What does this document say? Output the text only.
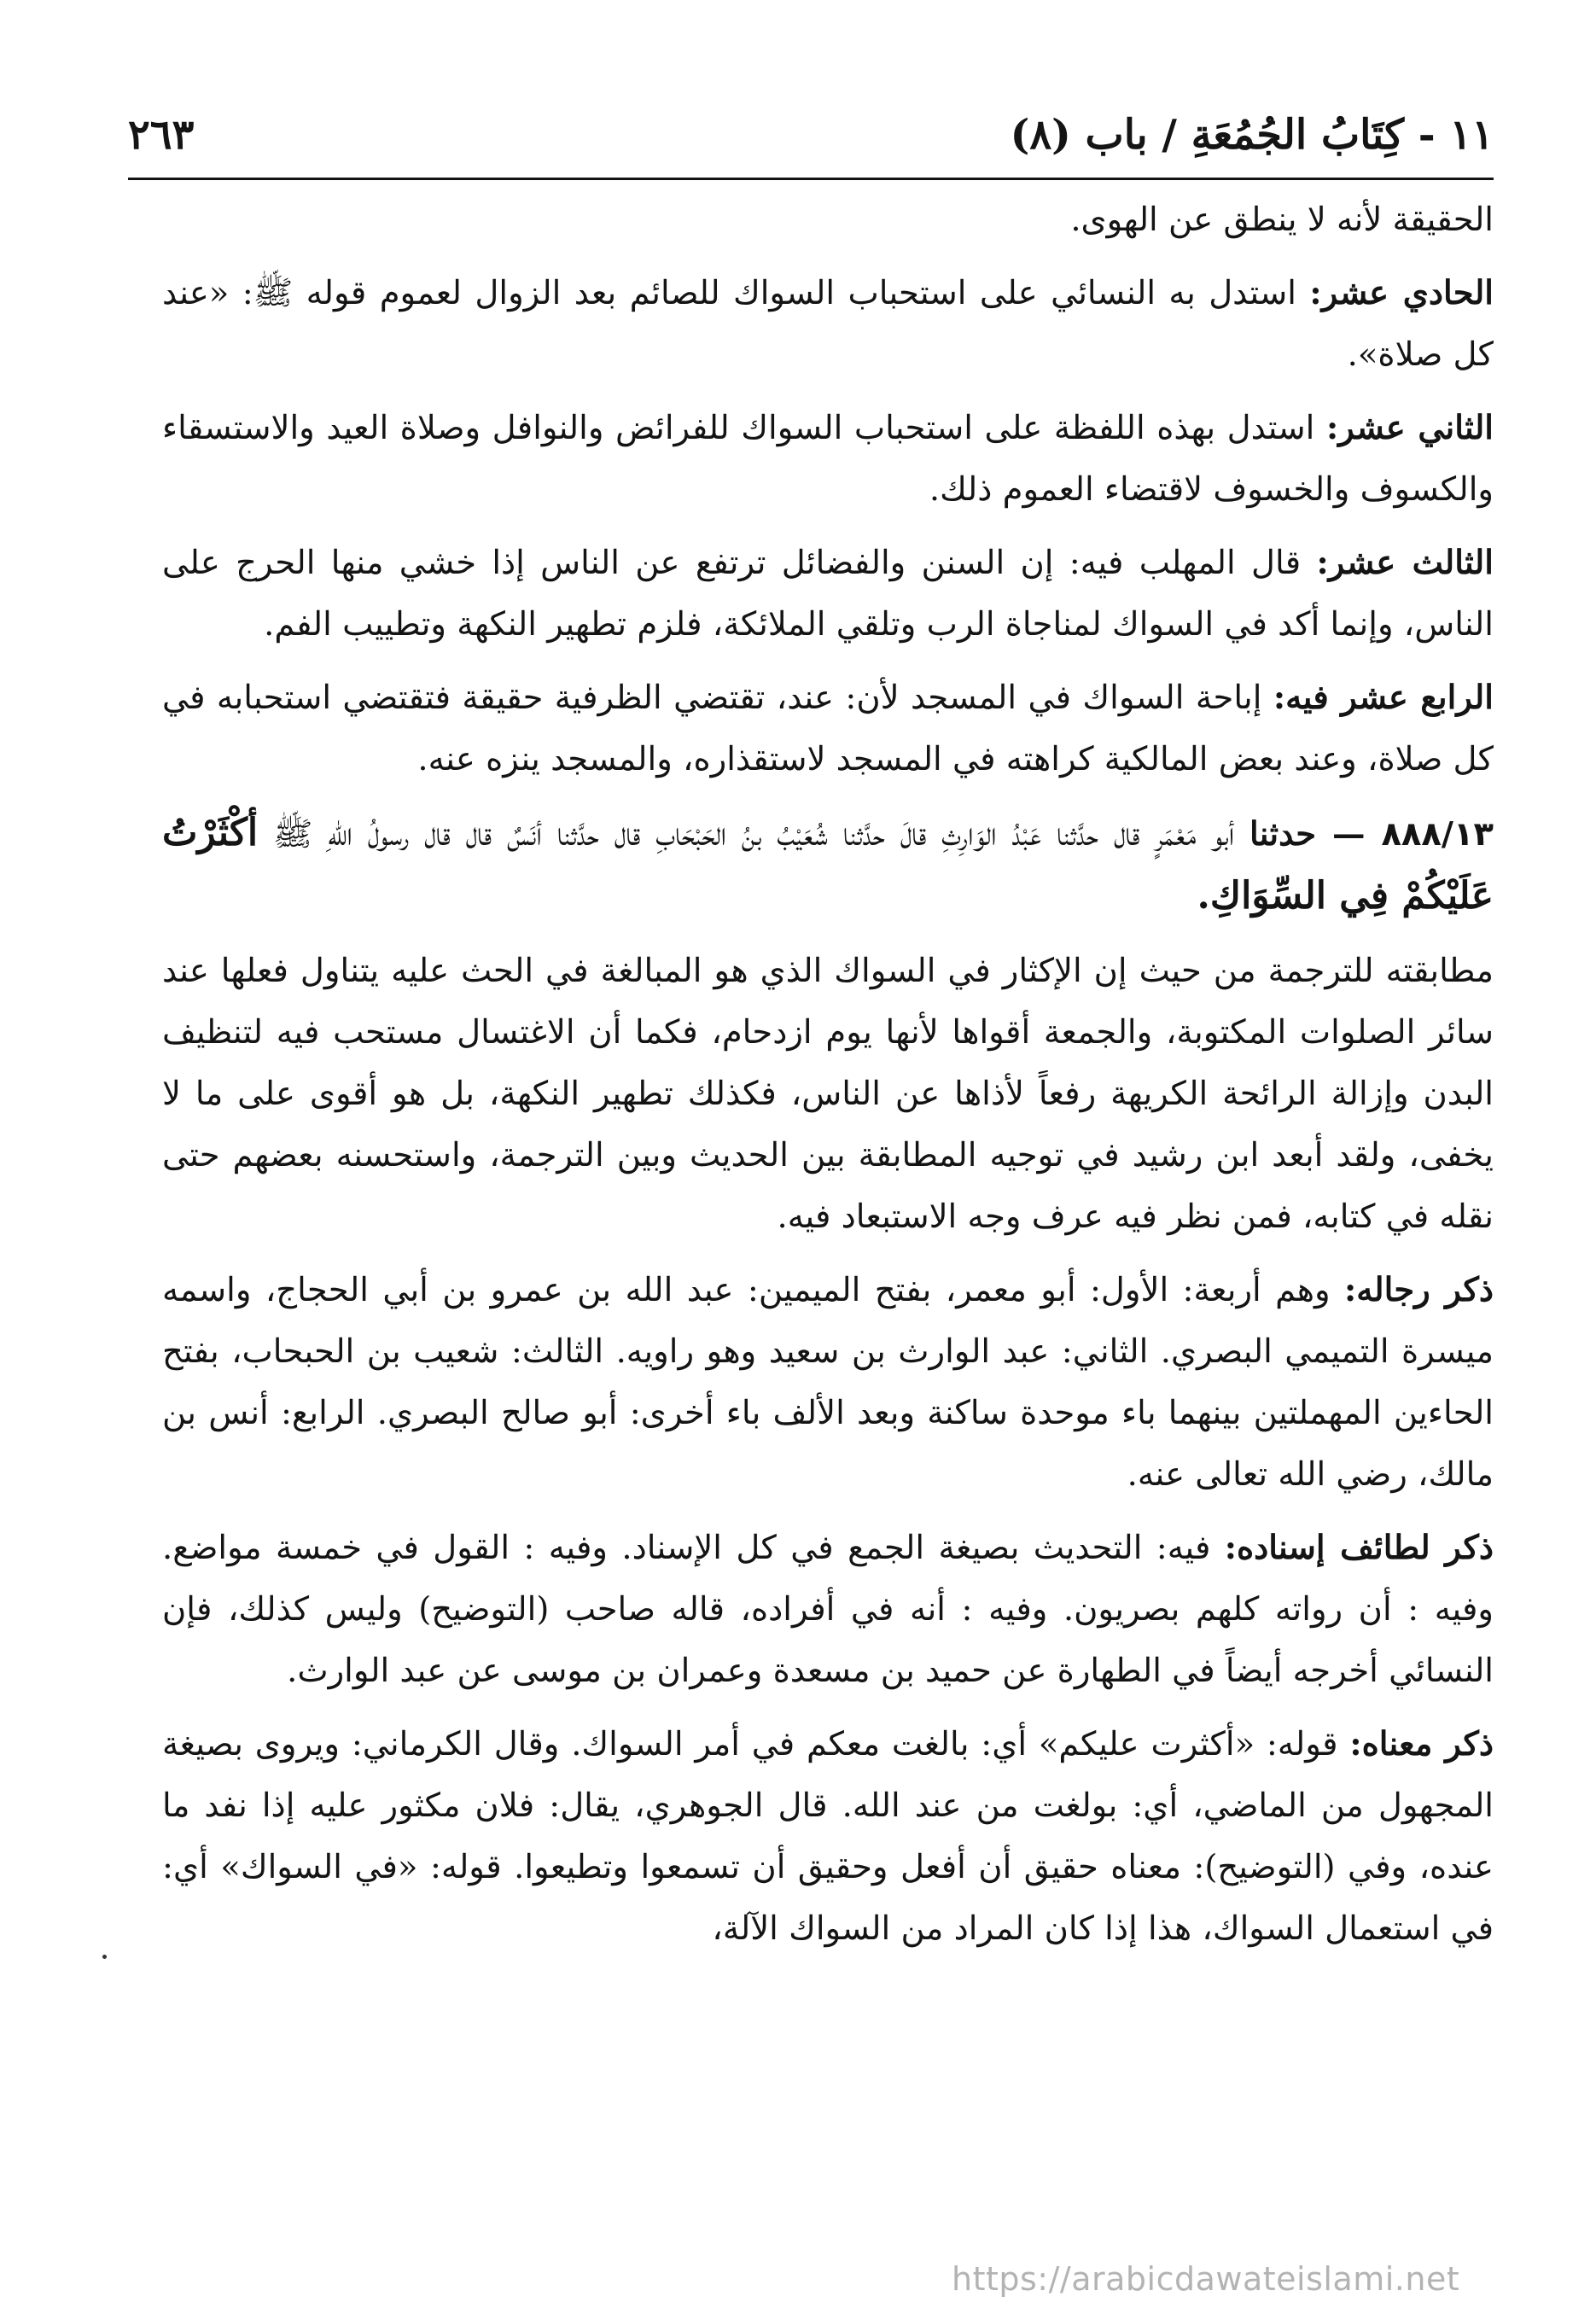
١١ - كِتَابُ الجُمُعَةِ / باب (٨)
٢٦٣

الحقيقة لأنه لا ينطق عن الهوى.

الحادي عشر: استدل به النسائي على استحباب السواك للصائم بعد الزوال لعموم قوله ﷺ: «عند كل صلاة».

الثاني عشر: استدل بهذه اللفظة على استحباب السواك للفرائض والنوافل وصلاة العيد والاستسقاء والكسوف والخسوف لاقتضاء العموم ذلك.

الثالث عشر: قال المهلب فيه: إن السنن والفضائل ترتفع عن الناس إذا خشي منها الحرج على الناس، وإنما أكد في السواك لمناجاة الرب وتلقي الملائكة، فلزم تطهير النكهة وتطييب الفم.

الرابع عشر فيه: إباحة السواك في المسجد لأن: عند، تقتضي الظرفية حقيقة فتقتضي استحبابه في كل صلاة، وعند بعض المالكية كراهته في المسجد لاستقذاره، والمسجد ينزه عنه.

٨٨٨/١٣ — حدثنا أبو مَعْمَرٍ قال حدَّثنا عَبْدُ الوَارِثِ قالَ حدَّثنا شُعَيْبُ بنُ الحَبْحَابِ قال حدَّثنا أنَسٌ قال قال رسولُ اللهِ ﷺ أكْثَرْتُ عَلَيْكُمْ فِي السِّوَاكِ.

مطابقته للترجمة من حيث إن الإكثار في السواك الذي هو المبالغة في الحث عليه يتناول فعلها عند سائر الصلوات المكتوبة، والجمعة أقواها لأنها يوم ازدحام، فكما أن الاغتسال مستحب فيه لتنظيف البدن وإزالة الرائحة الكريهة رفعاً لأذاها عن الناس، فكذلك تطهير النكهة، بل هو أقوى على ما لا يخفى، ولقد أبعد ابن رشيد في توجيه المطابقة بين الحديث وبين الترجمة، واستحسنه بعضهم حتى نقله في كتابه، فمن نظر فيه عرف وجه الاستبعاد فيه.

ذكر رجاله: وهم أربعة: الأول: أبو معمر، بفتح الميمين: عبد الله بن عمرو بن أبي الحجاج، واسمه ميسرة التميمي البصري. الثاني: عبد الوارث بن سعيد وهو راويه. الثالث: شعيب بن الحبحاب، بفتح الحاءين المهملتين بينهما باء موحدة ساكنة وبعد الألف باء أخرى: أبو صالح البصري. الرابع: أنس بن مالك، رضي الله تعالى عنه.

ذكر لطائف إسناده: فيه: التحديث بصيغة الجمع في كل الإسناد. وفيه : القول في خمسة مواضع. وفيه : أن رواته كلهم بصريون. وفيه : أنه في أفراده، قاله صاحب (التوضيح) وليس كذلك، فإن النسائي أخرجه أيضاً في الطهارة عن حميد بن مسعدة وعمران بن موسى عن عبد الوارث.

ذكر معناه: قوله: «أكثرت عليكم» أي: بالغت معكم في أمر السواك. وقال الكرماني: ويروى بصيغة المجهول من الماضي، أي: بولغت من عند الله. قال الجوهري، يقال: فلان مكثور عليه إذا نفد ما عنده، وفي (التوضيح): معناه حقيق أن أفعل وحقيق أن تسمعوا وتطيعوا. قوله: «في السواك» أي: في استعمال السواك، هذا إذا كان المراد من السواك الآلة،

https://arabicdawateislami.net
